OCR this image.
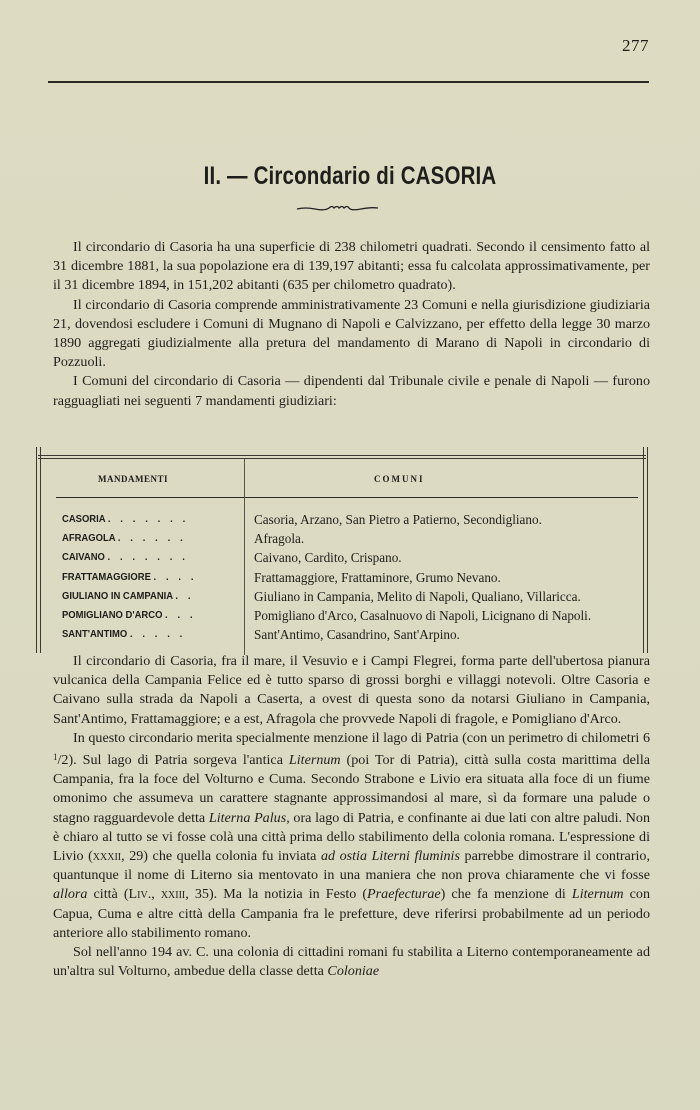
277
II. — Circondario di CASORIA

Il circondario di Casoria ha una superficie di 238 chilometri quadrati. Secondo il censimento fatto al 31 dicembre 1881, la sua popolazione era di 139,197 abitanti; essa fu calcolata approssimativamente, per il 31 dicembre 1894, in 151,202 abitanti (635 per chilometro quadrato).

Il circondario di Casoria comprende amministrativamente 23 Comuni e nella giurisdizione giudiziaria 21, dovendosi escludere i Comuni di Mugnano di Napoli e Calvizzano, per effetto della legge 30 marzo 1890 aggregati giudizialmente alla pretura del mandamento di Marano di Napoli in circondario di Pozzuoli.

I Comuni del circondario di Casoria — dipendenti dal Tribunale civile e penale di Napoli — furono ragguagliati nei seguenti 7 mandamenti giudiziari:

MANDAMENTI	COMUNI
CASORIA . . . . . . .	Casoria, Arzano, San Pietro a Patierno, Secondigliano.
AFRAGOLA . . . . . .	Afragola.
CAIVANO . . . . . . .	Caivano, Cardito, Crispano.
FRATTAMAGGIORE . . . .	Frattamaggiore, Frattaminore, Grumo Nevano.
GIULIANO IN CAMPANIA . .	Giuliano in Campania, Melito di Napoli, Qualiano, Villaricca.
POMIGLIANO D'ARCO . . .	Pomigliano d'Arco, Casalnuovo di Napoli, Licignano di Napoli.
SANT'ANTIMO . . . . .	Sant'Antimo, Casandrino, Sant'Arpino.

Il circondario di Casoria, fra il mare, il Vesuvio e i Campi Flegrei, forma parte dell'ubertosa pianura vulcanica della Campania Felice ed è tutto sparso di grossi borghi e villaggi notevoli. Oltre Casoria e Caivano sulla strada da Napoli a Caserta, a ovest di questa sono da notarsi Giuliano in Campania, Sant'Antimo, Frattamaggiore; e a est, Afragola che provvede Napoli di fragole, e Pomigliano d'Arco.

In questo circondario merita specialmente menzione il lago di Patria (con un perimetro di chilometri 6 $^1$/2). Sul lago di Patria sorgeva l'antica Liternum (poi Tor di Patria), città sulla costa marittima della Campania, fra la foce del Volturno e Cuma. Secondo Strabone e Livio era situata alla foce di un fiume omonimo che assumeva un carattere stagnante approssimandosi al mare, sì da formare una palude o stagno ragguardevole detta Literna Palus, ora lago di Patria, e confinante ai due lati con altre paludi. Non è chiaro al tutto se vi fosse colà una città prima dello stabilimento della colonia romana. L'espressione di Livio (xxxii, 29) che quella colonia fu inviata ad ostia Literni fluminis parrebbe dimostrare il contrario, quantunque il nome di Literno sia mentovato in una maniera che non prova chiaramente che vi fosse allora città (Liv., xxiii, 35). Ma la notizia in Festo (Praefecturae) che fa menzione di Liternum con Capua, Cuma e altre città della Campania fra le prefetture, deve riferirsi probabilmente ad un periodo anteriore allo stabilimento romano.

Sol nell'anno 194 av. C. una colonia di cittadini romani fu stabilita a Literno contemporaneamente ad un'altra sul Volturno, ambedue della classe detta Coloniae
